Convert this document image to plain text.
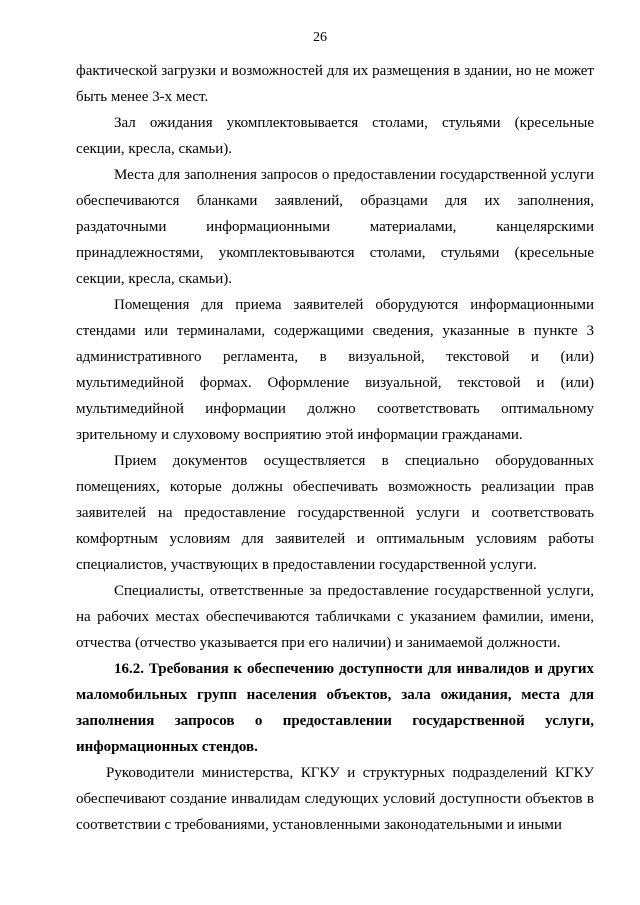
26

фактической загрузки и возможностей для их размещения в здании, но не может быть менее 3-х мест.

Зал ожидания укомплектовывается столами, стульями (кресельные секции, кресла, скамьи).

Места для заполнения запросов о предоставлении государственной услуги обеспечиваются бланками заявлений, образцами для их заполнения, раздаточными информационными материалами, канцелярскими принадлежностями, укомплектовываются столами, стульями (кресельные секции, кресла, скамьи).

Помещения для приема заявителей оборудуются информационными стендами или терминалами, содержащими сведения, указанные в пункте 3 административного регламента, в визуальной, текстовой и (или) мультимедийной формах. Оформление визуальной, текстовой и (или) мультимедийной информации должно соответствовать оптимальному зрительному и слуховому восприятию этой информации гражданами.

Прием документов осуществляется в специально оборудованных помещениях, которые должны обеспечивать возможность реализации прав заявителей на предоставление государственной услуги и соответствовать комфортным условиям для заявителей и оптимальным условиям работы специалистов, участвующих в предоставлении государственной услуги.

Специалисты, ответственные за предоставление государственной услуги, на рабочих местах обеспечиваются табличками с указанием фамилии, имени, отчества (отчество указывается при его наличии) и занимаемой должности.

16.2. Требования к обеспечению доступности для инвалидов и других маломобильных групп населения объектов, зала ожидания, места для заполнения запросов о предоставлении государственной услуги, информационных стендов.

Руководители министерства, КГКУ и структурных подразделений КГКУ обеспечивают создание инвалидам следующих условий доступности объектов в соответствии с требованиями, установленными законодательными и иными
